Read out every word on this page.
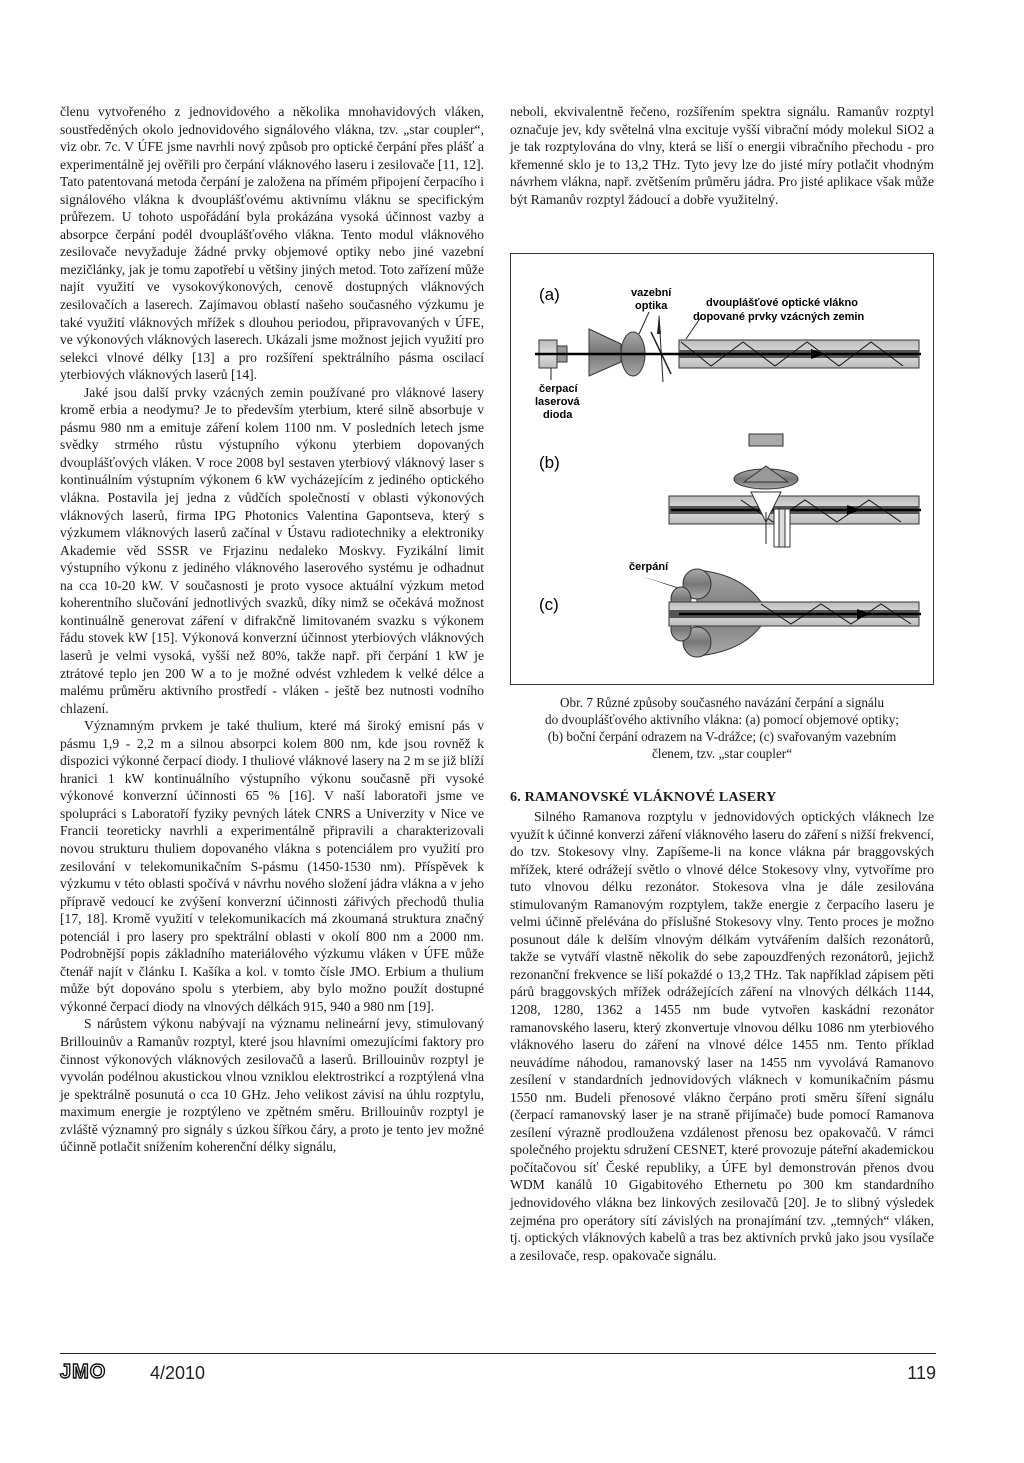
členu vytvořeného z jednovidového a několika mnohavidových vláken, soustředěných okolo jednovidového signálového vlákna, tzv. „star coupler“, viz obr. 7c. V ÚFE jsme navrhli nový způsob pro optické čerpání přes plášť a experimentálně jej ověřili pro čerpání vláknového laseru i zesilovače [11, 12]. Tato patentovaná metoda čerpání je založena na přímém připojení čerpacího i signálového vlákna k dvouplášťovému aktivnímu vláknu se specifickým průřezem. U tohoto uspořádání byla prokázána vysoká účinnost vazby a absorpce čerpání podél dvouplášťového vlákna. Tento modul vláknového zesilovače nevyžaduje žádné prvky objemové optiky nebo jiné vazební mezičlánky, jak je tomu zapotřebí u většiny jiných metod. Toto zařízení může najít využití ve vysokovýkonových, cenově dostupných vláknových zesilovačích a laserech. Zajímavou oblastí našeho současného výzkumu je také využití vláknových mřížek s dlouhou periodou, připravovaných v ÚFE, ve výkonových vláknových laserech. Ukázali jsme možnost jejich využití pro selekci vlnové délky [13] a pro rozšíření spektrálního pásma oscilací yterbiových vláknových laserů [14].

Jaké jsou další prvky vzácných zemin používané pro vláknové lasery kromě erbia a neodymu? Je to především yterbium, které silně absorbuje v pásmu 980 nm a emituje záření kolem 1100 nm. V posledních letech jsme svědky strmého růstu výstupního výkonu yterbiem dopovaných dvouplášťových vláken. V roce 2008 byl sestaven yterbiový vláknový laser s kontinuálním výstupním výkonem 6 kW vycházejícím z jediného optického vlákna. Postavila jej jedna z vůdčích společností v oblasti výkonových vláknových laserů, firma IPG Photonics Valentina Gapontseva, který s výzkumem vláknových laserů začínal v Ústavu radiotechniky a elektroniky Akademie věd SSSR ve Frjazinu nedaleko Moskvy. Fyzikální limit výstupního výkonu z jediného vláknového laserového systému je odhadnut na cca 10-20 kW. V současnosti je proto vysoce aktuální výzkum metod koherentního slučování jednotlivých svazků, díky nimž se očekává možnost kontinuálně generovat záření v difrakčně limitovaném svazku s výkonem řádu stovek kW [15]. Výkonová konverzní účinnost yterbiových vláknových laserů je velmi vysoká, vyšší než 80%, takže např. při čerpání 1 kW je ztrátové teplo jen 200 W a to je možné odvést vzhledem k velké délce a malému průměru aktivního prostředí - vláken - ještě bez nutnosti vodního chlazení.

Významným prvkem je také thulium, které má široký emisní pás v pásmu 1,9 - 2,2 m a silnou absorpci kolem 800 nm, kde jsou rovněž k dispozici výkonné čerpací diody. I thuliové vláknové lasery na 2 m se již blíží hranici 1 kW kontinuálního výstupního výkonu současně při vysoké výkonové konverzní účinnosti 65 % [16]. V naší laboratoři jsme ve spolupráci s Laboratoří fyziky pevných látek CNRS a Univerzity v Nice ve Francii teoreticky navrhli a experimentálně připravili a charakterizovali novou strukturu thuliem dopovaného vlákna s potenciálem pro využití pro zesilování v telekomunikačním S-pásmu (1450-1530 nm). Příspěvek k výzkumu v této oblasti spočívá v návrhu nového složení jádra vlákna a v jeho přípravě vedoucí ke zvýšení konverzní účinnosti zářivých přechodů thulia [17, 18]. Kromě využití v telekomunikacích má zkoumaná struktura značný potenciál i pro lasery pro spektrální oblasti v okolí 800 nm a 2000 nm. Podrobnější popis základního materiálového výzkumu vláken v ÚFE může čtenář najít v článku I. Kašíka a kol. v tomto čísle JMO. Erbium a thulium může být dopováno spolu s yterbiem, aby bylo možno použít dostupné výkonné čerpací diody na vlnových délkách 915, 940 a 980 nm [19].

S nárůstem výkonu nabývají na významu nelineární jevy, stimulovaný Brillouinův a Ramanův rozptyl, které jsou hlavními omezujícími faktory pro činnost výkonových vláknových zesilovačů a laserů. Brillouinův rozptyl je vyvolán podélnou akustickou vlnou vzniklou elektrostrikcí a rozptýlená vlna je spektrálně posunutá o cca 10 GHz. Jeho velikost závisí na úhlu rozptylu, maximum energie je rozptýleno ve zpětném směru. Brillouinův rozptyl je zvláště významný pro signály s úzkou šířkou čáry, a proto je tento jev možné účinně potlačit snížením koherenční délky signálu,

neboli, ekvivalentně řečeno, rozšířením spektra signálu. Ramanův rozptyl označuje jev, kdy světelná vlna excituje vyšší vibrační módy molekul SiO2 a je tak rozptylována do vlny, která se liší o energii vibračního přechodu - pro křemenné sklo je to 13,2 THz. Tyto jevy lze do jisté míry potlačit vhodným návrhem vlákna, např. zvětšením průměru jádra. Pro jisté aplikace však může být Ramanův rozptyl žádoucí a dobře využitelný.

(a)	vazební
optika	dvouplášťové optické vlákno
dopované prvky vzácných zemin
čerpací
laserová
dioda
(b)
(c)
čerpání
Obr. 7 Různé způsoby současného navázání čerpání a signálu
do dvouplášťového aktivního vlákna: (a) pomocí objemové optiky;
(b) boční čerpání odrazem na V-drážce; (c) svařovaným vazebním
členem, tzv. „star coupler“
6. RAMANOVSKÉ VLÁKNOVÉ LASERY

Silného Ramanova rozptylu v jednovidových optických vláknech lze využít k účinné konverzi záření vláknového laseru do záření s nižší frekvencí, do tzv. Stokesovy vlny. Zapíšeme-li na konce vlákna pár braggovských mřížek, které odrážejí světlo o vlnové délce Stokesovy vlny, vytvoříme pro tuto vlnovou délku rezonátor. Stokesova vlna je dále zesilována stimulovaným Ramanovým rozptylem, takže energie z čerpacího laseru je velmi účinně přelévána do příslušné Stokesovy vlny. Tento proces je možno posunout dále k delším vlnovým délkám vytvářením dalších rezonátorů, takže se vytváří vlastně několik do sebe zapouzdřených rezonátorů, jejichž rezonanční frekvence se liší pokaždé o 13,2 THz. Tak například zápisem pěti párů braggovských mřížek odrážejících záření na vlnových délkách 1144, 1208, 1280, 1362 a 1455 nm bude vytvořen kaskádní rezonátor ramanovského laseru, který zkonvertuje vlnovou délku 1086 nm yterbiového vláknového laseru do záření na vlnové délce 1455 nm. Tento příklad neuvádíme náhodou, ramanovský laser na 1455 nm vyvolává Ramanovo zesílení v standardních jednovidových vláknech v komunikačním pásmu 1550 nm. Budeli přenosové vlákno čerpáno proti směru šíření signálu (čerpací ramanovský laser je na straně přijímače) bude pomocí Ramanova zesílení výrazně prodloužena vzdálenost přenosu bez opakovačů. V rámci společného projektu sdružení CESNET, které provozuje páteřní akademickou počítačovou síť České republiky, a ÚFE byl demonstrován přenos dvou WDM kanálů 10 Gigabitového Ethernetu po 300 km standardního jednovidového vlákna bez linkových zesilovačů [20]. Je to slibný výsledek zejména pro operátory sítí závislých na pronajímání tzv. „temných“ vláken, tj. optických vláknových kabelů a tras bez aktivních prvků jako jsou vysílače a zesilovače, resp. opakovače signálu.

JMO 4/2010	119
